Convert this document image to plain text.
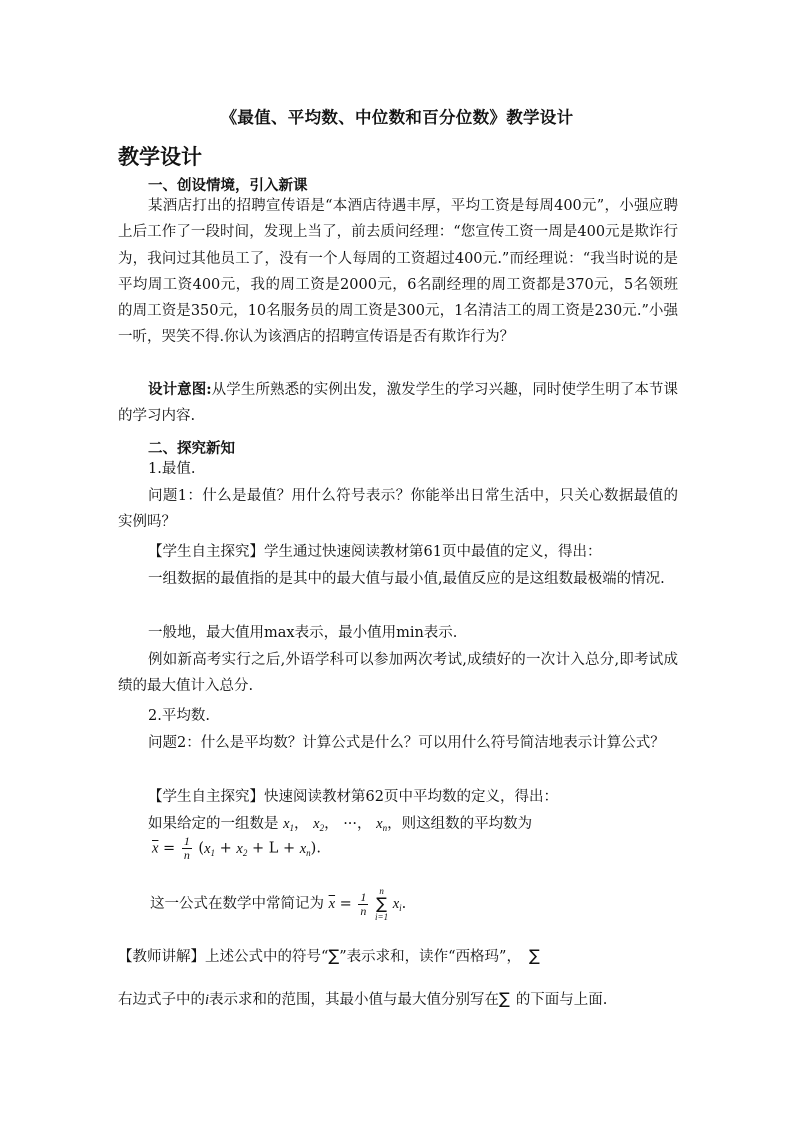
《最值、平均数、中位数和百分位数》教学设计
教学设计
一、创设情境，引入新课
某酒店打出的招聘宣传语是“本酒店待遇丰厚，平均工资是每周400元”，小强应聘上后工作了一段时间，发现上当了，前去质问经理：“您宣传工资一周是400元是欺诈行为，我问过其他员工了，没有一个人每周的工资超过400元.”而经理说：“我当时说的是平均周工资400元，我的周工资是2000元，6名副经理的周工资都是370元，5名领班的周工资是350元，10名服务员的周工资是300元，1名清洁工的周工资是230元.”小强一听，哭笑不得.你认为该酒店的招聘宣传语是否有欺诈行为？
设计意图:从学生所熟悉的实例出发，激发学生的学习兴趣，同时使学生明了本节课的学习内容.
二、探究新知
1.最值.
问题1：什么是最值？用什么符号表示？你能举出日常生活中，只关心数据最值的实例吗？
【学生自主探究】学生通过快速阅读教材第61页中最值的定义，得出：
一组数据的最值指的是其中的最大值与最小值,最值反应的是这组数最极端的情况.
一般地，最大值用max表示，最小值用min表示.
例如新高考实行之后,外语学科可以参加两次考试,成绩好的一次计入总分,即考试成绩的最大值计入总分.
2.平均数.
问题2：什么是平均数？计算公式是什么？可以用什么符号简洁地表示计算公式？
【学生自主探究】快速阅读教材第62页中平均数的定义，得出：
如果给定的一组数是 $x_1$， $x_2$， ···， $x_n$，则这组数的平均数为
$\overline{x} = \frac{1}{n} (x_1 + x_2 + L + x_n)$.
这一公式在数学中常简记为 $\overline{x} = \frac{1}{n}$
	n
∑
i=1
$x_i$.
【教师讲解】上述公式中的符号“∑”表示求和，读作“西格玛”， ∑
右边式子中的i表示求和的范围，其最小值与最大值分别写在∑ 的下面与上面.
